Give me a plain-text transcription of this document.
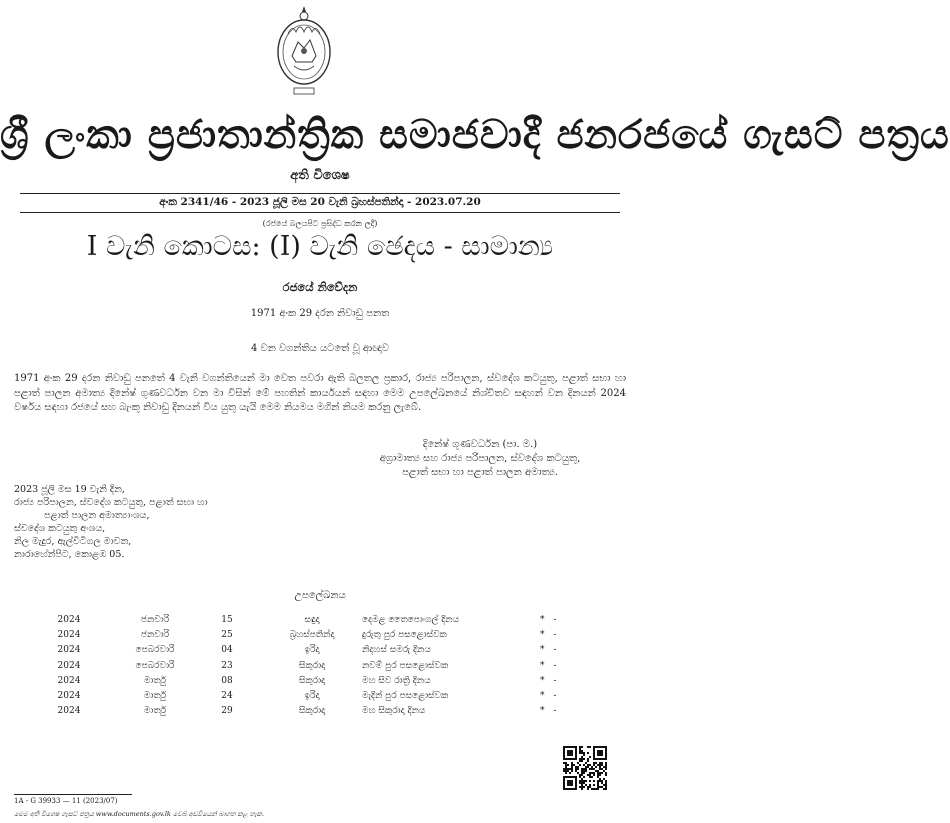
ශ්‍රී ලංකා ප්‍රජාතාන්ත්‍රික සමාජවාදී ජනරජයේ ගැසට් පත්‍රය
අති විශෙෂ
අංක 2341/46 - 2023 ජූලි මස 20 වැනි බ්‍රහස්පතින්දා - 2023.07.20
(රජයේ බලයපිට ප්‍රසිද්ධ කරන ලදී)
I වැනි කොටස: (I) වැනි ඡෙදය - සාමාන්‍ය
රජයේ නිවේදන
1971 අංක 29 දරන නිවාඩු පනත
4 වන වගන්තිය යටතේ වූ ආඥාව
1971 අංක 29 දරන නිවාඩු පනතේ 4 වැනි වගන්තියෙන් මා වෙත පවරා ඇති බලතල ප්‍රකාර, රාජ්‍ය පරිපාලන, ස්වදේශ කටයුතු, පළාත් සභා හා පළාත් පාලන අමාත්‍ය දිනේෂ් ගුණවර්ධන වන මා විසින් මේ පහතින් කාර්යයන් සඳහා මෙම උපලේඛනයේ නිශ්චිතව සඳහන් වන දිනයන් 2024 වර්ෂය සඳහා රජයේ සහ බැංකු නිවාඩු දිනයන් විය යුතු යැයි මෙම නියමය මගින් නියම කරනු ලැබේ.
දිනේෂ් ගුණවර්ධන (පා. ම.)
අග්‍රාමාත්‍ය සහ රාජ්‍ය පරිපාලන, ස්වදේශ කටයුතු,
පළාත් සභා හා පළාත් පාලන අමාත්‍ය.
2023 ජූලි මස 19 වැනි දින,
රාජ්‍ය පරිපාලන, ස්වදේශ කටයුතු, පළාත් සභා හා
පළාත් පාලන අමාත්‍යාංශය,
ස්වදේශ කටයුතු අංශය,
නිල මැදුර, ඇල්විටිගල මාවත,
නාරාහේන්පිට, කොළඹ 05.
උපලේඛනය
2024	ජනවාරි	15	සඳුදා	දෙමළ තෛපොංගල් දිනය	* -
2024	ජනවාරි	25	බ්‍රහස්පතින්දා	දුරුතු පුර පසළොස්වක	* -
2024	පෙබරවාරි	04	ඉරිදා	නිදහස් සමරු දිනය	* -
2024	පෙබරවාරි	23	සිකුරාදා	නවම් පුර පසළොස්වක	* -
2024	මාර්තු	08	සිකුරාදා	මහ සිව රාත්‍රි දිනය	* -
2024	මාර්තු	24	ඉරිදා	මැදින් පුර පසළොස්වක	* -
2024	මාර්තු	29	සිකුරාදා	මහ සිකුරාදා දිනය	* -
1A - G 39933 — 11 (2023/07)
මෙම අති විශෙෂ ගැසට් පත්‍රය www.documents.gov.lk වෙබ් අඩවියෙන් බාගත කළ හැක.
